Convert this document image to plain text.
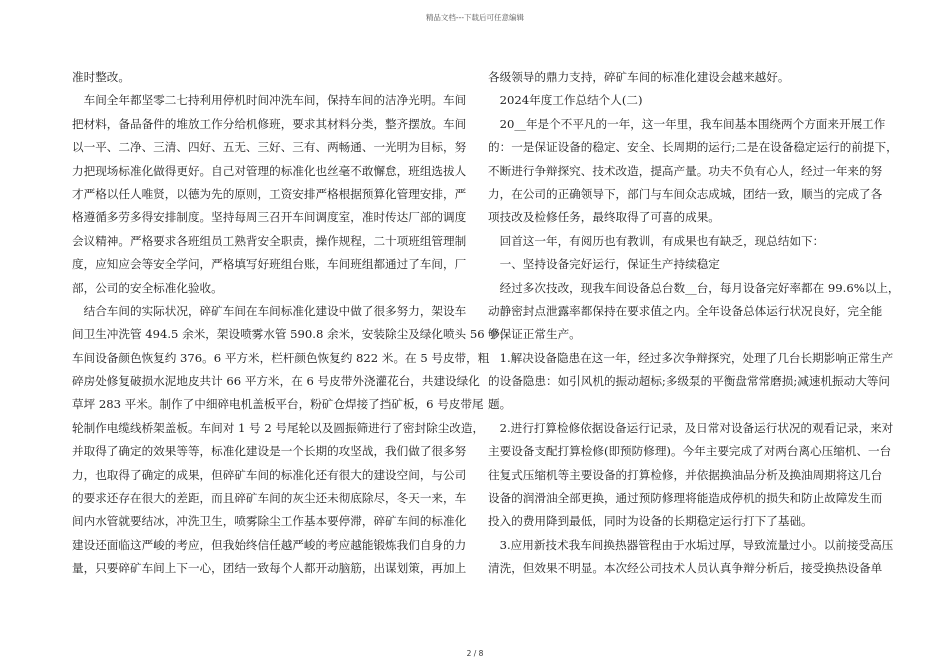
精品文档---下载后可任意编辑
准时整改。
　车间全年都坚零二七持利用停机时间冲洗车间，保持车间的洁净光明。车间
把材料，备品备件的堆放工作分给机修班，要求其材料分类，整齐摆放。车间
以一平、二净、三清、四好、五无、三好、三有、两畅通、一光明为目标，努
力把现场标准化做得更好。自己对管理的标准化也丝毫不敢懈怠，班组选拔人
才严格以任人唯贤，以德为先的原则，工资安排严格根据预算化管理安排，严
格遵循多劳多得安排制度。坚持每周三召开车间调度室，准时传达厂部的调度
会议精神。严格要求各班组员工熟背安全职责，操作规程，二十项班组管理制
度，应知应会等安全学问，严格填写好班组台账，车间班组都通过了车间，厂
部，公司的安全标准化验收。
　结合车间的实际状况，碎矿车间在车间标准化建设中做了很多努力，架设车
间卫生冲洗管 494.5 余米，架设喷雾水管 590.8 余米，安装除尘及绿化喷头 56 个，
车间设备颜色恢复约 376。6 平方米，栏杆颜色恢复约 822 米。在 5 号皮带，粗
碎房处修复破损水泥地皮共计 66 平方米，在 6 号皮带外浇灌花台，共建设绿化
草坪 283 平米。制作了中细碎电机盖板平台，粉矿仓焊接了挡矿板，6 号皮带尾
轮制作电缆线桥架盖板。车间对 1 号 2 号尾轮以及圆振筛进行了密封除尘改造，
并取得了确定的效果等等，标准化建设是一个长期的攻坚战，我们做了很多努
力，也取得了确定的成果，但碎矿车间的标准化还有很大的建设空间，与公司
的要求还存在很大的差距，而且碎矿车间的灰尘还未彻底除尽，冬天一来，车
间内水管就要结冰，冲洗卫生，喷雾除尘工作基本要停滞，碎矿车间的标准化
建设还面临这严峻的考应，但我始终信任越严峻的考应越能锻炼我们自身的力
量，只要碎矿车间上下一心，团结一致每个人都开动脑筋，出谋划策，再加上
各级领导的鼎力支持，碎矿车间的标准化建设会越来越好。
　2024年度工作总结个人(二)
　20__年是个不平凡的一年，这一年里，我车间基本围绕两个方面来开展工作
的：一是保证设备的稳定、安全、长周期的运行;二是在设备稳定运行的前提下，
不断进行争辩探究、技术改造，提高产量。功夫不负有心人，经过一年来的努
力，在公司的正确领导下，部门与车间众志成城，团结一致，顺当的完成了各
项技改及检修任务，最终取得了可喜的成果。
　回首这一年，有阅历也有教训，有成果也有缺乏，现总结如下：
　一、坚持设备完好运行，保证生产持续稳定
　经过多次技改，现我车间设备总台数__台，每月设备完好率都在 99.6%以上，
动静密封点泄露率都保持在要求值之内。全年设备总体运行状况良好，完全能
够保证正常生产。
　1.解决设备隐患在这一年，经过多次争辩探究，处理了几台长期影响正常生产
的设备隐患：如引风机的振动超标;多级泵的平衡盘常常磨损;减速机振动大等问
题。
　2.进行打算检修依据设备运行记录，及日常对设备运行状况的观看记录，来对
主要设备支配打算检修(即预防修理)。今年主要完成了对两台离心压缩机、一台
往复式压缩机等主要设备的打算检修，并依据换油品分析及换油周期将这几台
设备的润滑油全部更换，通过预防修理将能造成停机的损失和防止故障发生而
投入的费用降到最低，同时为设备的长期稳定运行打下了基础。
　3.应用新技术我车间换热器管程由于水垢过厚，导致流量过小。以前接受高压
清洗，但效果不明显。本次经公司技术人员认真争辩分析后，接受换热设备单
2 / 8
